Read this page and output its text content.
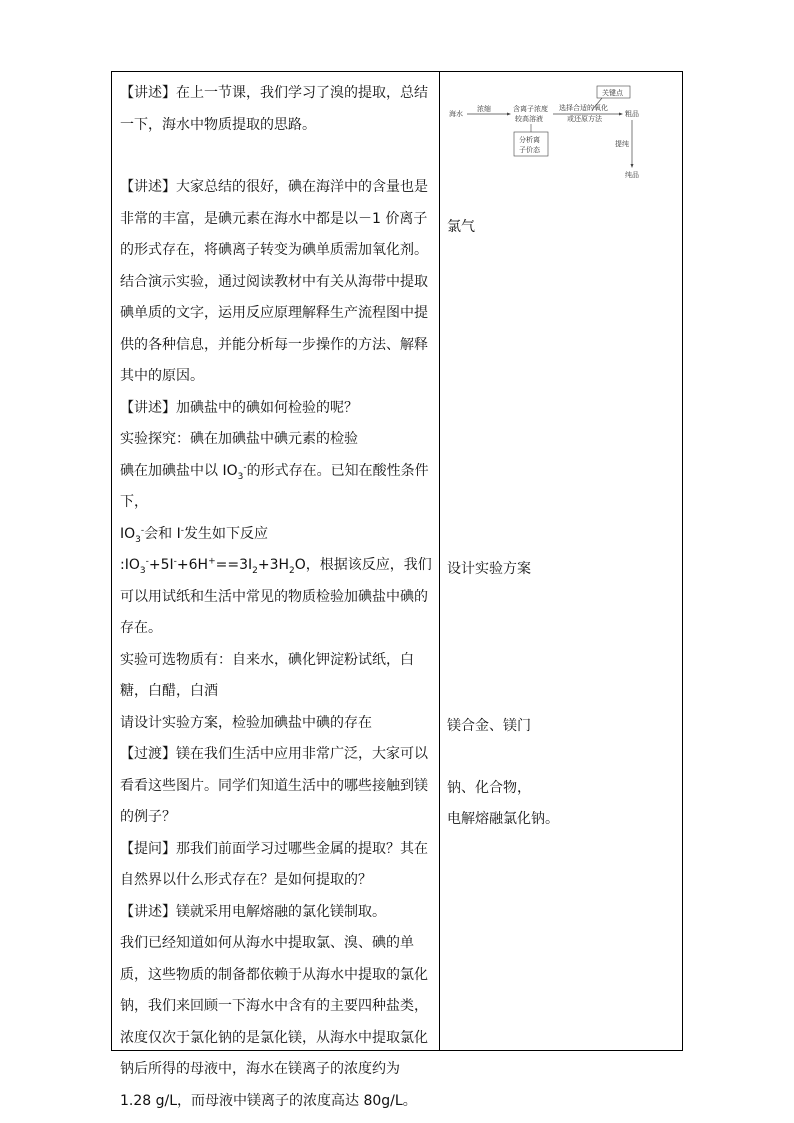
【讲述】在上一节课，我们学习了溴的提取，总结一下，海水中物质提取的思路。

【讲述】大家总结的很好，碘在海洋中的含量也是非常的丰富，是碘元素在海水中都是以－1 价离子的形式存在，将碘离子转变为碘单质需加氧化剂。

结合演示实验，通过阅读教材中有关从海带中提取碘单质的文字，运用反应原理解释生产流程图中提供的各种信息，并能分析每一步操作的方法、解释其中的原因。

【讲述】加碘盐中的碘如何检验的呢？

实验探究：碘在加碘盐中碘元素的检验

碘在加碘盐中以 $IO_3^-$的形式存在。已知在酸性条件下，

$IO_3^-$会和 I-发生如下反应

$:IO_3^-+5I^-+6H^+==3I_2+3H_2O$，根据该反应，我们可以用试纸和生活中常见的物质检验加碘盐中碘的存在。

实验可选物质有：自来水，碘化钾淀粉试纸，白糖，白醋，白酒

请设计实验方案，检验加碘盐中碘的存在

【过渡】镁在我们生活中应用非常广泛，大家可以看看这些图片。同学们知道生活中的哪些接触到镁的例子？

【提问】那我们前面学习过哪些金属的提取？其在自然界以什么形式存在？是如何提取的？

【讲述】镁就采用电解熔融的氯化镁制取。

我们已经知道如何从海水中提取氯、溴、碘的单质，这些物质的制备都依赖于从海水中提取的氯化钠，我们来回顾一下海水中含有的主要四种盐类，浓度仅次于氯化钠的是氯化镁，从海水中提取氯化钠后所得的母液中，海水在镁离子的浓度约为 1.28 g/L，而母液中镁离子的浓度高达 80g/L。

海水
浓缩	含离子浓度
较高溶液
选择合适的氧化
或还原方法
粗品
关键点
分析离
子价态
提纯
纯品

氯气

设计实验方案

镁合金、镁门

钠、化合物，

电解熔融氯化钠。
